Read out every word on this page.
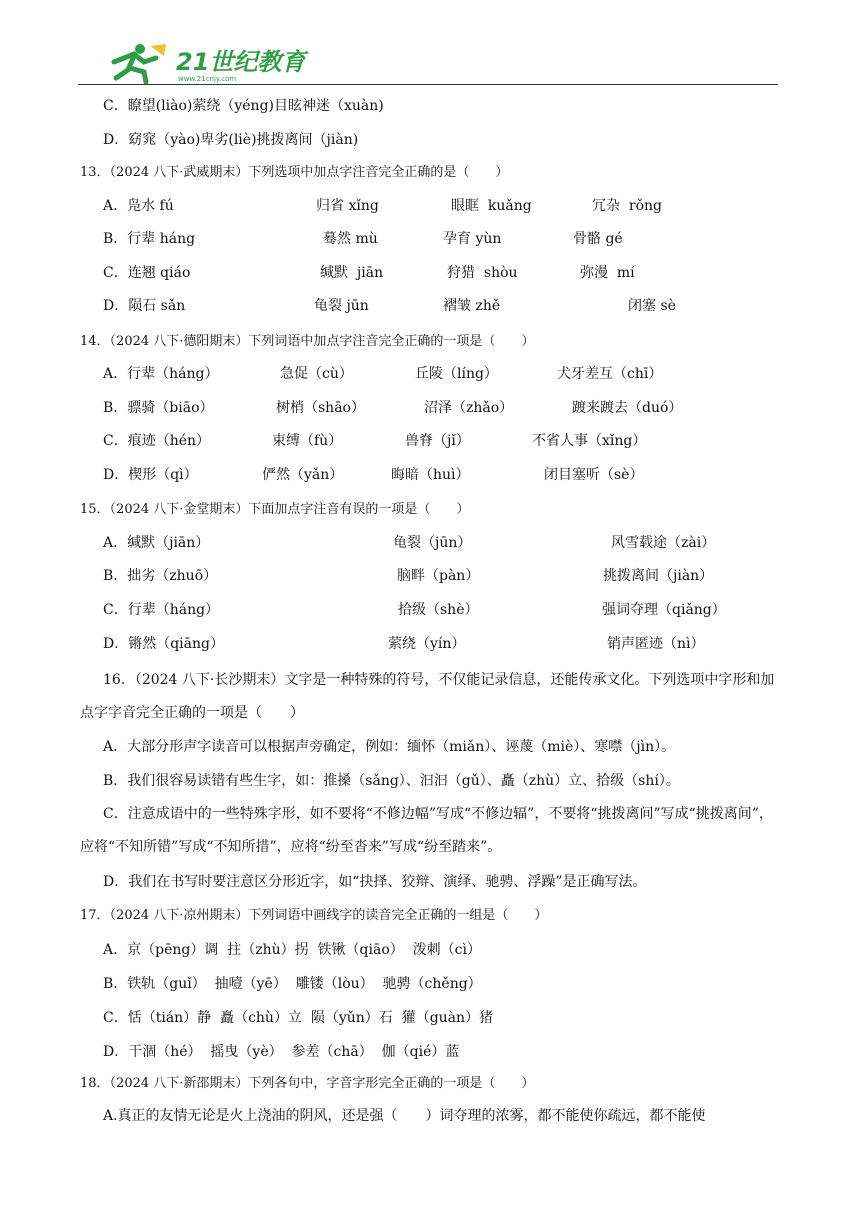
21世纪教育
www.21cnjy.com
C．瞭望(liào)萦绕（yéng)目眩神迷（xuàn)
D．窈窕（yào)卑劣(liè)挑拨离间（jiàn)
13．（2024 八下·武威期末）下列选项中加点字注音完全正确的是（　　）
14．（2024 八下·德阳期末）下列词语中加点字注音完全正确的一项是（　　）
15．（2024 八下·金堂期末）下面加点字注音有误的一项是（　　）
17．（2024 八下·凉州期末）下列词语中画线字的读音完全正确的一组是（　　）
18．（2024 八下·新邵期末）下列各句中，字音字形完全正确的一项是（　　）
A．凫水 fú	归省 xǐng	眼眶  kuǎng	冗杂  rǒng
B．行辈 háng	蓦然 mù	孕育 yùn	骨骼 gé
C．连翘 qiáo	缄默  jiān	狩猎  shòu	弥漫  mí
D．陨石 sǎn	龟裂 jūn	褶皱 zhě	闭塞 sè
A．行辈（háng）	急促（cù）	丘陵（líng）	犬牙差互（chī）
B．骠骑（biāo）	树梢（shāo）	沼泽（zhǎo）	踱来踱去（duó）
C．痕迹（hén）	束缚（fù）	兽脊（jǐ）	不省人事（xǐng）
D．楔形（qì）	俨然（yǎn）	晦暗（huì）	闭目塞听（sè）
A．缄默（jiān）	龟裂（jūn）	风雪载途（zài）
B．拙劣（zhuō）	脑畔（pàn）	挑拨离间（jiàn）
C．行辈（háng）	拾级（shè）	强词夺理（qiǎng）
D．锵然（qiāng）	萦绕（yín）	销声匿迹（nì）
A．京（pēng）调  拄（zhù）拐  铁锹（qiāo）  泼刺（cì）
B．铁轨（guǐ）  抽噎（yē）  雕镂（lòu）  驰骋（chěng）
C．恬（tián）静  矗（chù）立  陨（yǔn）石  獾（guàn）猪
D．干涸（hé）  摇曳（yè）  参差（chā）  伽（qié）蓝
16．（2024 八下·长沙期末）文字是一种特殊的符号，不仅能记录信息，还能传承文化。下列选项中字形和加点字字音完全正确的一项是（　　）
A．大部分形声字读音可以根据声旁确定，例如：缅怀（miǎn）、诬蔑（miè）、寒噤（jìn）。
B．我们很容易读错有些生字，如：推搡（sǎng）、汩汩（gǔ）、矗（zhù）立、拾级（shí）。
C．注意成语中的一些特殊字形，如不要将“不修边幅”写成“不修边辐”，不要将“挑拨离间”写成“挑拨离间”，应将“不知所错”写成“不知所措”，应将“纷至沓来”写成“纷至踏来”。
D．我们在书写时要注意区分形近字，如“抉择、狡辩、演绎、驰骋、浮躁”是正确写法。
A.真正的友情无论是火上浇油的阴风，还是强（　　）词夺理的浓雾，都不能使你疏远，都不能使
